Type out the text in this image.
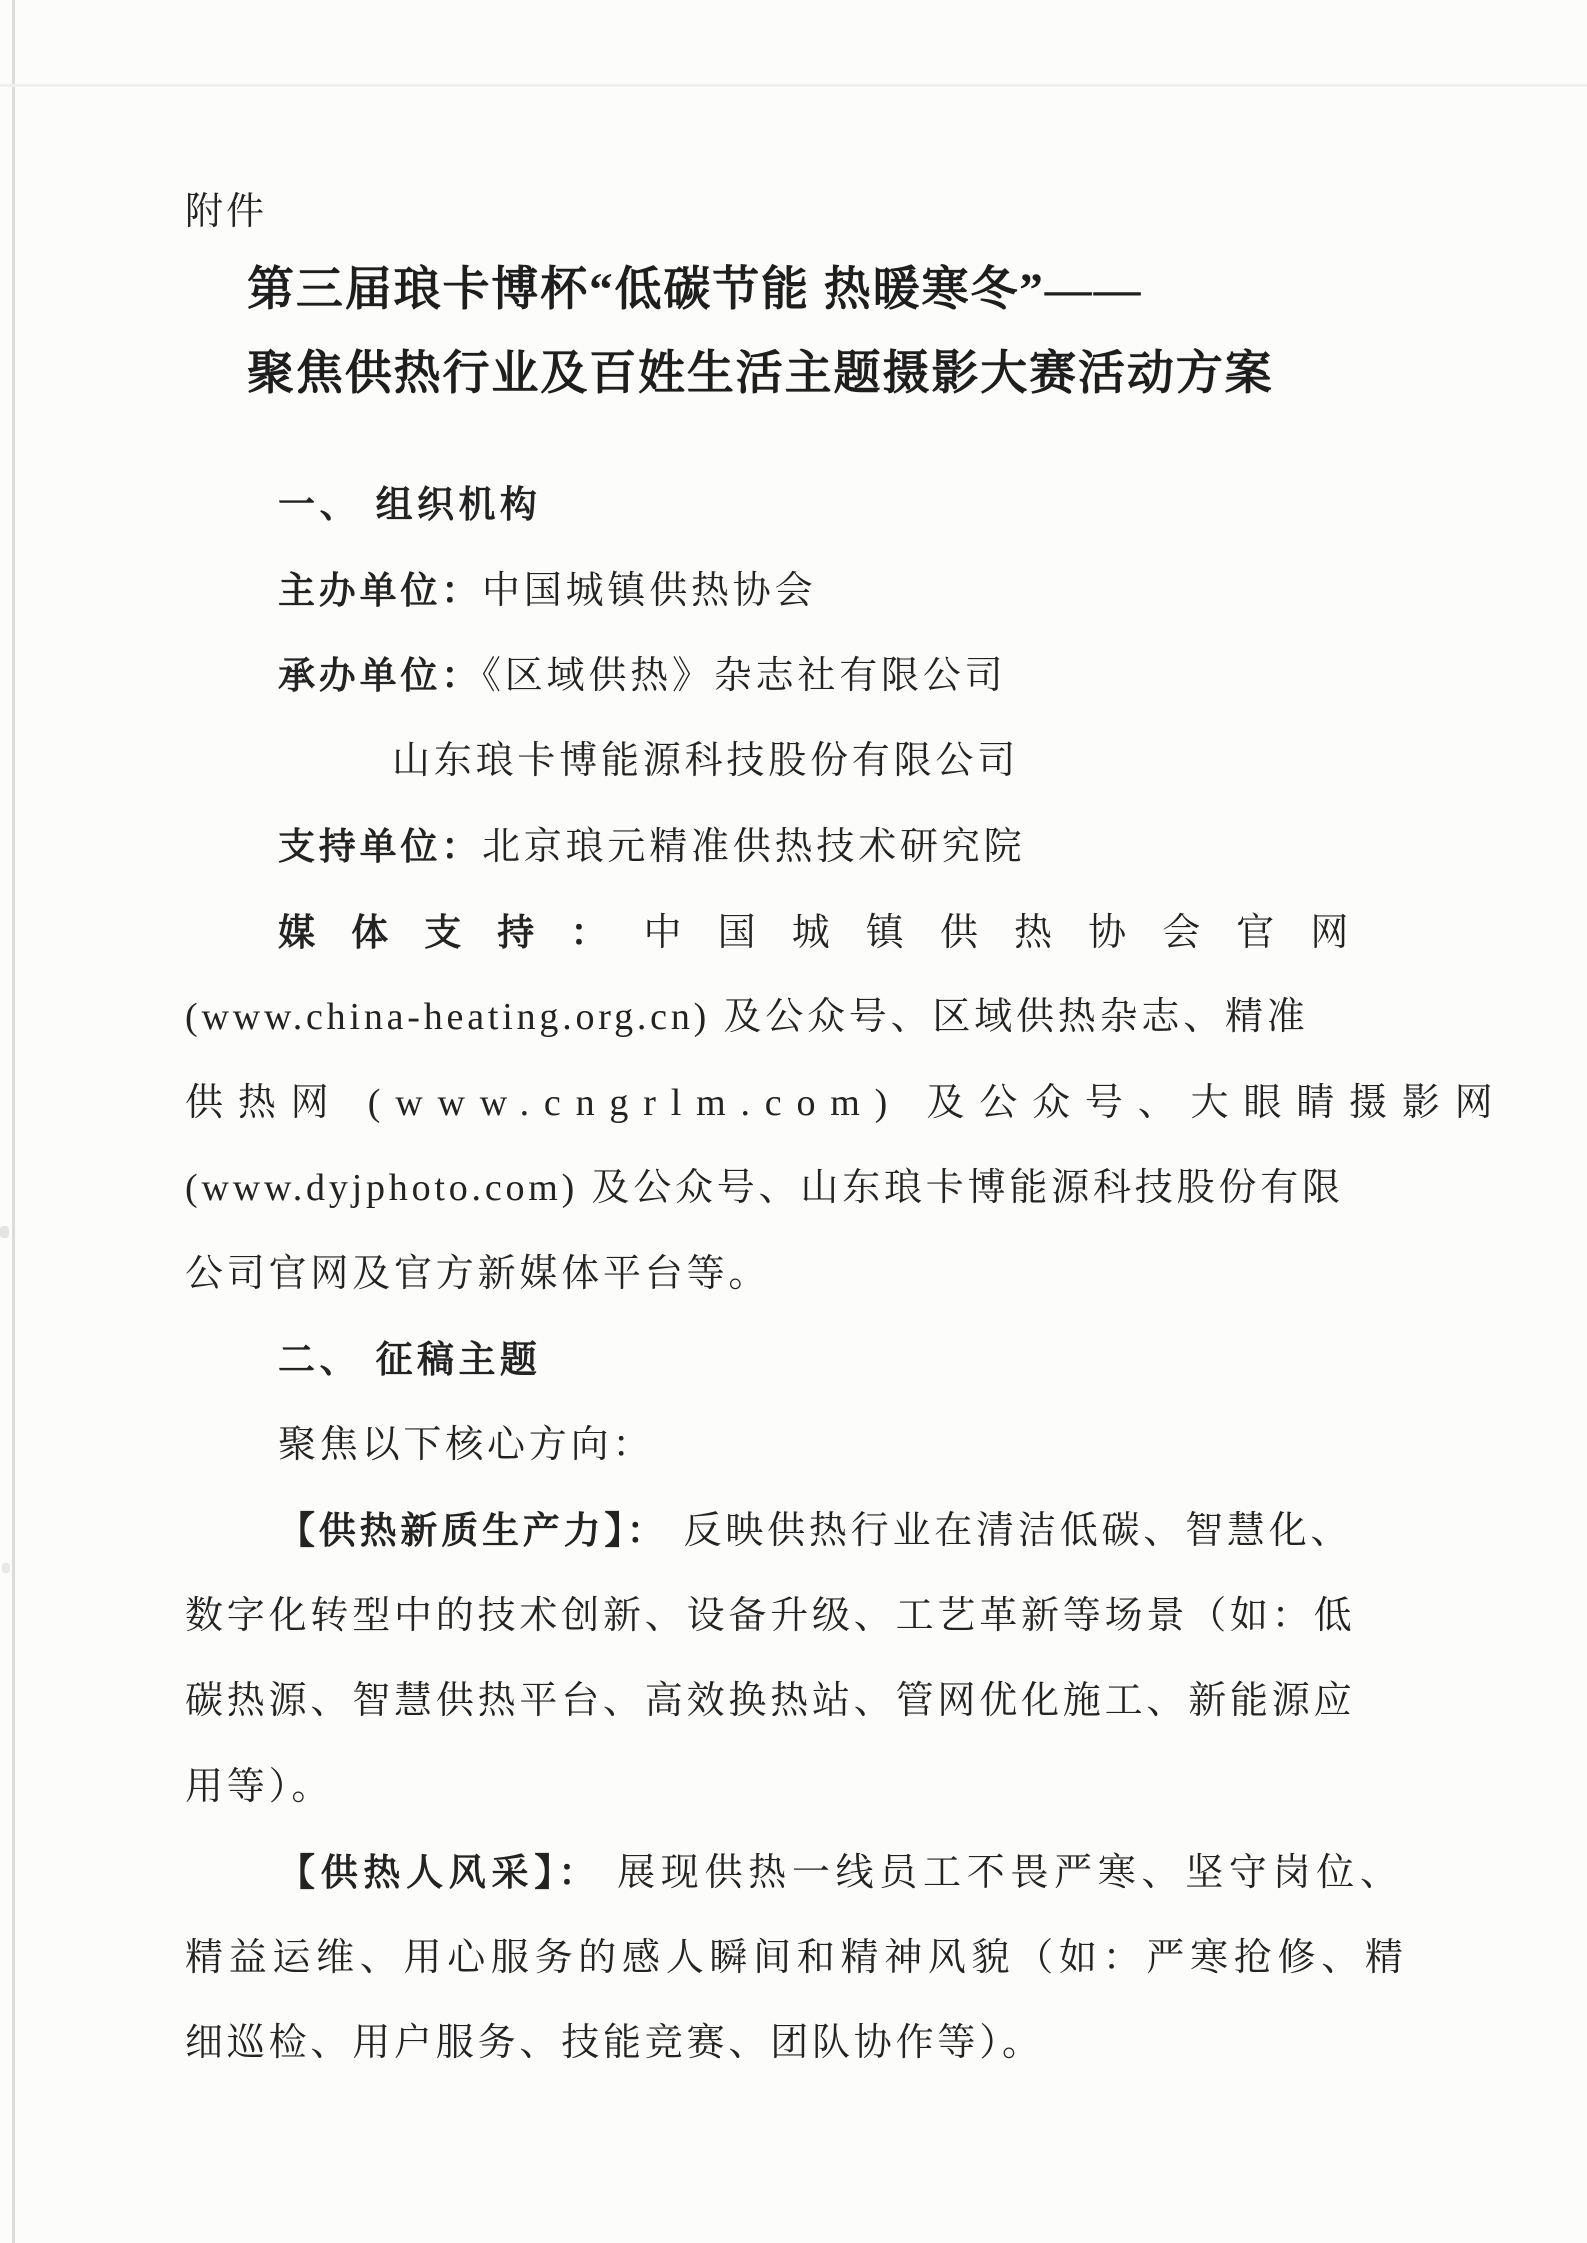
附件
第三届琅卡博杯“低碳节能 热暖寒冬”——
聚焦供热行业及百姓生活主题摄影大赛活动方案
一、 组织机构
主办单位：中国城镇供热协会
承办单位：《区域供热》杂志社有限公司
山东琅卡博能源科技股份有限公司
支持单位：北京琅元精准供热技术研究院
媒体支持：中国城镇供热协会官网
(www.china-heating.org.cn) 及公众号、区域供热杂志、精准
供热网 (www.cngrlm.com) 及公众号、大眼睛摄影网
(www.dyjphoto.com) 及公众号、山东琅卡博能源科技股份有限
公司官网及官方新媒体平台等。
二、 征稿主题
聚焦以下核心方向：
【供热新质生产力】： 反映供热行业在清洁低碳、智慧化、
数字化转型中的技术创新、设备升级、工艺革新等场景（如：低
碳热源、智慧供热平台、高效换热站、管网优化施工、新能源应
用等）。
【供热人风采】： 展现供热一线员工不畏严寒、坚守岗位、
精益运维、用心服务的感人瞬间和精神风貌（如：严寒抢修、精
细巡检、用户服务、技能竞赛、团队协作等）。
